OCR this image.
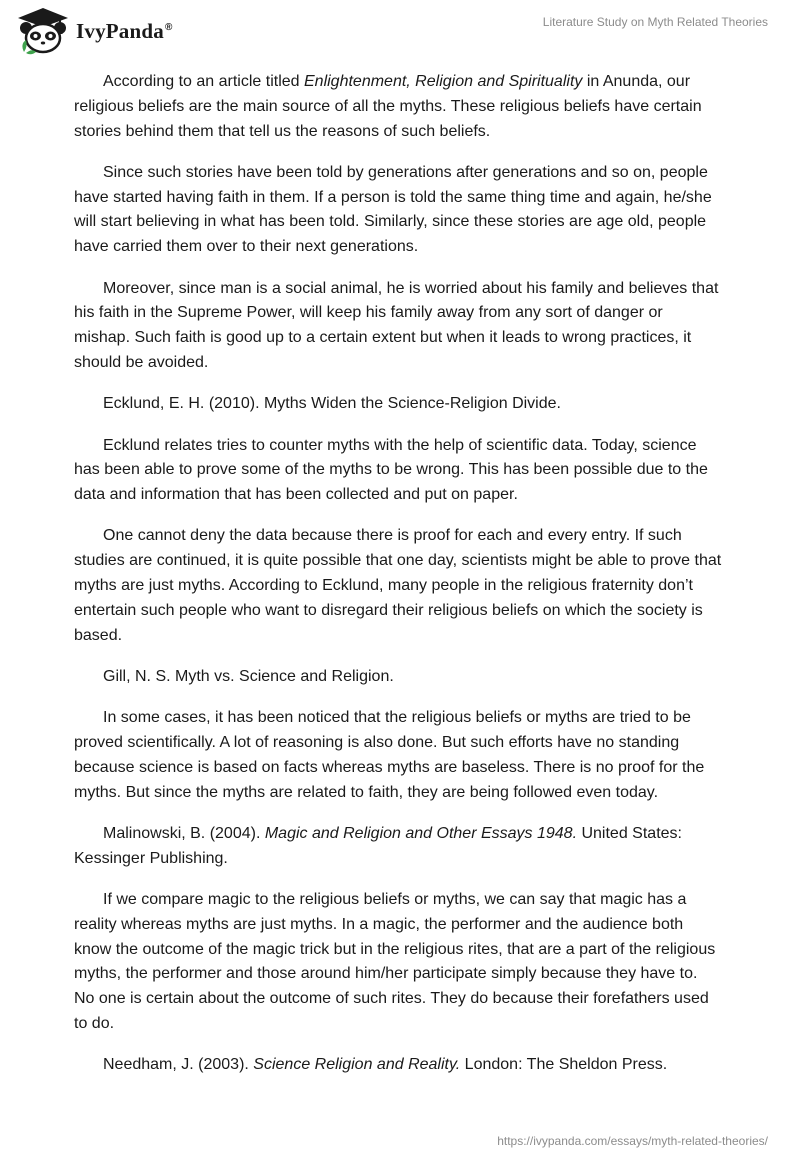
IvyPanda®	Literature Study on Myth Related Theories

According to an article titled Enlightenment, Religion and Spirituality in Anunda, our religious beliefs are the main source of all the myths. These religious beliefs have certain stories behind them that tell us the reasons of such beliefs.

Since such stories have been told by generations after generations and so on, people have started having faith in them. If a person is told the same thing time and again, he/she will start believing in what has been told. Similarly, since these stories are age old, people have carried them over to their next generations.

Moreover, since man is a social animal, he is worried about his family and believes that his faith in the Supreme Power, will keep his family away from any sort of danger or mishap. Such faith is good up to a certain extent but when it leads to wrong practices, it should be avoided.

Ecklund, E. H. (2010). Myths Widen the Science-Religion Divide.

Ecklund relates tries to counter myths with the help of scientific data. Today, science has been able to prove some of the myths to be wrong. This has been possible due to the data and information that has been collected and put on paper.

One cannot deny the data because there is proof for each and every entry. If such studies are continued, it is quite possible that one day, scientists might be able to prove that myths are just myths. According to Ecklund, many people in the religious fraternity don’t entertain such people who want to disregard their religious beliefs on which the society is based.

Gill, N. S. Myth vs. Science and Religion.

In some cases, it has been noticed that the religious beliefs or myths are tried to be proved scientifically. A lot of reasoning is also done. But such efforts have no standing because science is based on facts whereas myths are baseless. There is no proof for the myths. But since the myths are related to faith, they are being followed even today.

Malinowski, B. (2004). Magic and Religion and Other Essays 1948. United States: Kessinger Publishing.

If we compare magic to the religious beliefs or myths, we can say that magic has a reality whereas myths are just myths. In a magic, the performer and the audience both know the outcome of the magic trick but in the religious rites, that are a part of the religious myths, the performer and those around him/her participate simply because they have to. No one is certain about the outcome of such rites. They do because their forefathers used to do.

Needham, J. (2003). Science Religion and Reality. London: The Sheldon Press.

https://ivypanda.com/essays/myth-related-theories/
